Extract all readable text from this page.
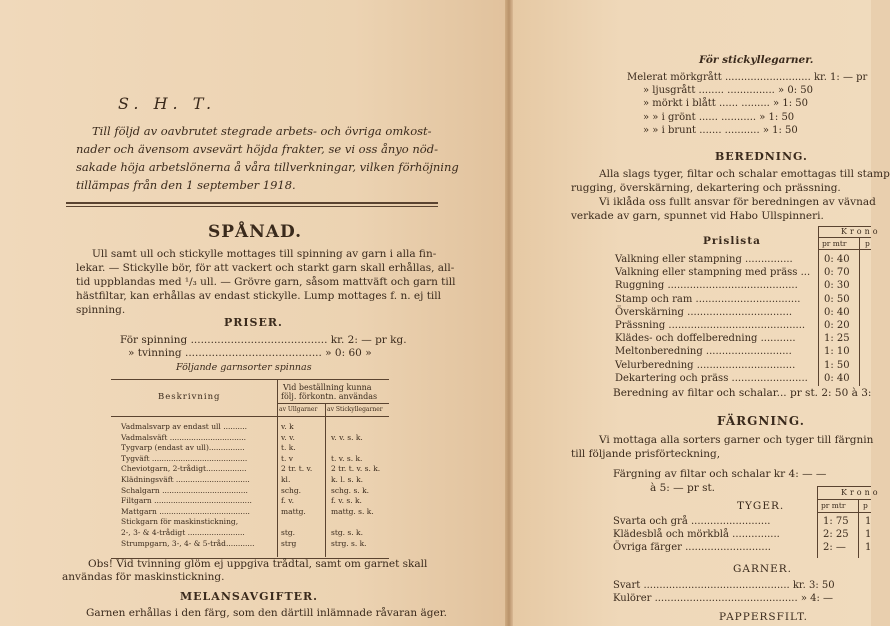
S. H. T.
Till följd av oavbrutet stegrade arbets- och övriga omkost-
nader och ävensom avsevärt höjda frakter, se vi oss ånyo nöd-
sakade höja arbetslönerna å våra tillverkningar, vilken förhöjning
tillämpas från den 1 september 1918.
SPÅNAD.
Ull samt ull och stickylle mottages till spinning av garn i alla fin-
lekar. — Stickylle bör, för att vackert och starkt garn skall erhållas, all-
tid uppblandas med ¹/₃ ull. — Grövre garn, såsom mattväft och garn till
hästfiltar, kan erhållas av endast stickylle. Lump mottages f. n. ej till
spinning.
PRISER.
För spinning ......................................... kr. 2: — pr kg.
» tvinning ......................................... » 0: 60 »
Följande garnsorter spinnas
Beskrivning
Vid beställning kunna
följ. förkontn. användas
av Ullgarner av Stickyllegarner
Vadmalsvarp av endast ull ..........	v. k
Vadmalsväft ................................	v. v.	v. v. s. k.
Tygvarp (endast av ull)...............	t. k.
Tygväft ........................................	t. v	t. v. s. k.
Cheviotgarn, 2-trådigt.................	2 tr. t. v.	2 tr. t. v. s. k.
Klädningsväft ...............................	kl.	k. l. s. k.
Schalgarn ....................................	schg.	schg. s. k.
Filtgarn .........................................	f. v.	f. v. s. k.
Mattgarn ......................................	mattg.	mattg. s. k.
Stickgarn för maskinstickning,
2-, 3- & 4-trådigt ........................	stg.	stg. s. k.
Strumpgarn, 3-, 4- & 5-tråd............	strg	strg. s. k.
Obs! Vid tvinning glöm ej uppgiva trådtal, samt om garnet skall
användas för maskinstickning.
MELANSAVGIFTER.
Garnen erhållas i den färg, som den därtill inlämnade råvaran äger.
För stickyllegarner.
Melerat mörkgrått ........................... kr. 1: — pr
» ljusgrått ........ ............... » 0: 50
» mörkt i blått ...... ......... » 1: 50
» » i grönt ...... ........... » 1: 50
» » i brunt ....... ........... » 1: 50
BEREDNING.
Alla slags tyger, filtar och schalar emottagas till stamp
rugging, överskärning, dekartering och prässning.
Vi iklåda oss fullt ansvar för beredningen av vävnad
verkade av garn, spunnet vid Habo Ullspinneri.
Prislista
Krono
pr mtr p
Valkning eller stampning ...............	0: 40
Valkning eller stampning med präss ... 0: 70
Ruggning .........................................	0: 30
Stamp och ram ................................. 0: 50
Överskärning .................................	0: 40
Prässning ........................................... 0: 20
Klädes- och doffelberedning ...........	1: 25
Meltonberedning ...........................	1: 10
Velurberedning ...............................	1: 50
Dekartering och präss ........................ 0: 40
Beredning av filtar och schalar... pr st. 2: 50 à 3:
FÄRGNING.
Vi mottaga alla sorters garner och tyger till färgnin
till följande prisförteckning,
Färgning av filtar och schalar kr 4: — —
à 5: — pr st.	Krono
pr mtr p
TYGER.
Svarta och grå .........................	1: 75 1
Klädesblå och mörkblå ...............	2: 25 1
Övriga färger ...........................	2: — 1
GARNER.
Svart .............................................. kr. 3: 50
Kulörer ............................................. » 4: —
PAPPERSFILT.
